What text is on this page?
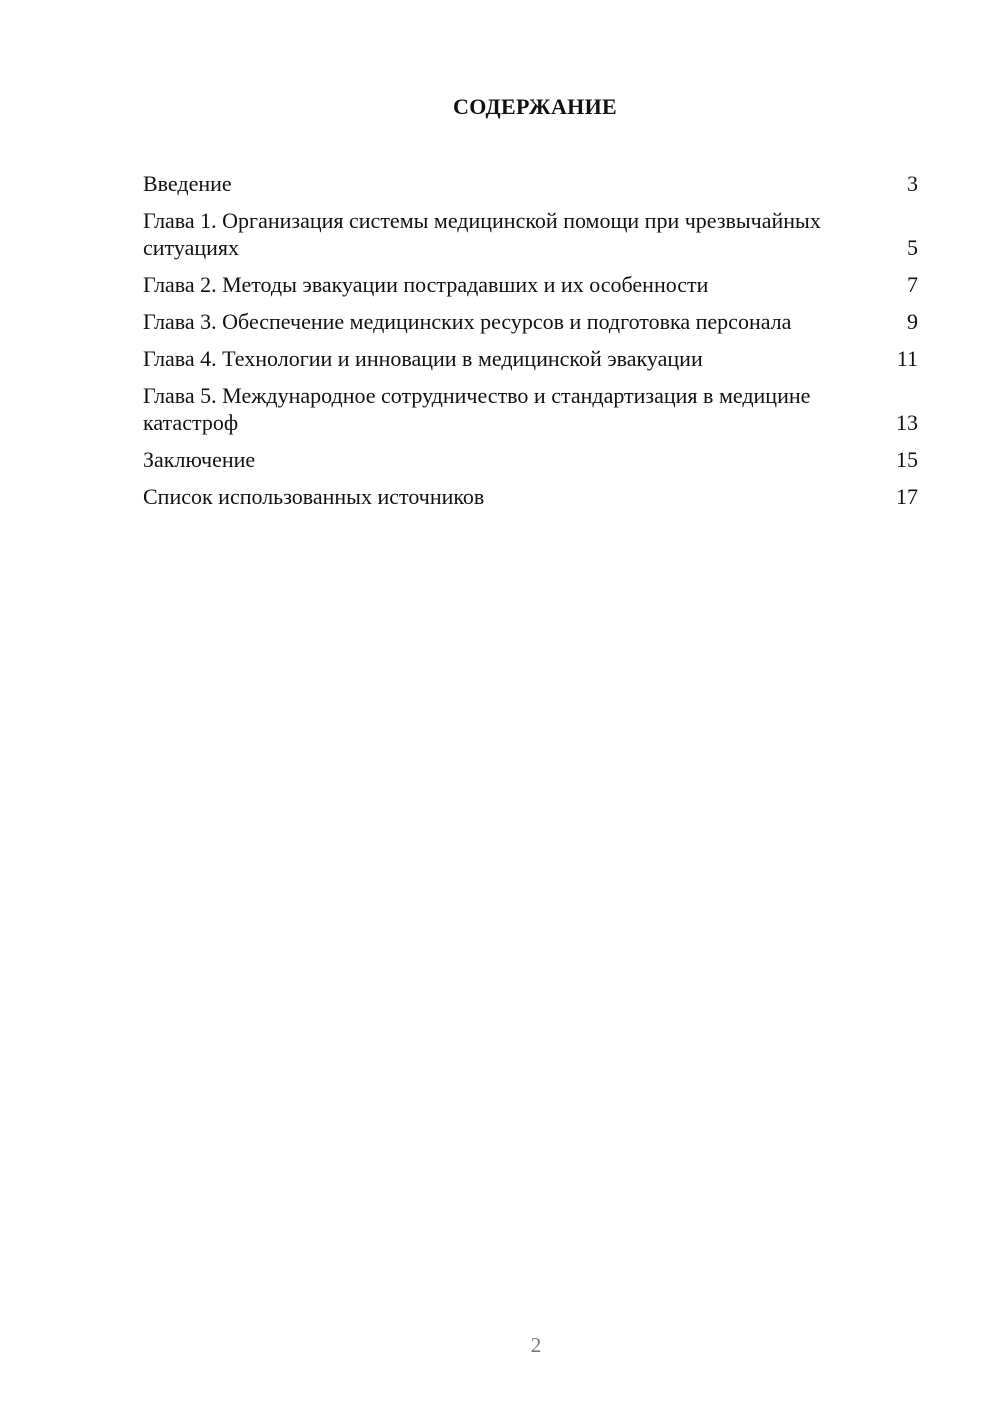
СОДЕРЖАНИЕ
Введение	3
Глава 1. Организация системы медицинской помощи при чрезвычайных ситуациях	5
Глава 2. Методы эвакуации пострадавших и их особенности	7
Глава 3. Обеспечение медицинских ресурсов и подготовка персонала	9
Глава 4. Технологии и инновации в медицинской эвакуации	11
Глава 5. Международное сотрудничество и стандартизация в медицине катастроф	13
Заключение	15
Список использованных источников	17
2
